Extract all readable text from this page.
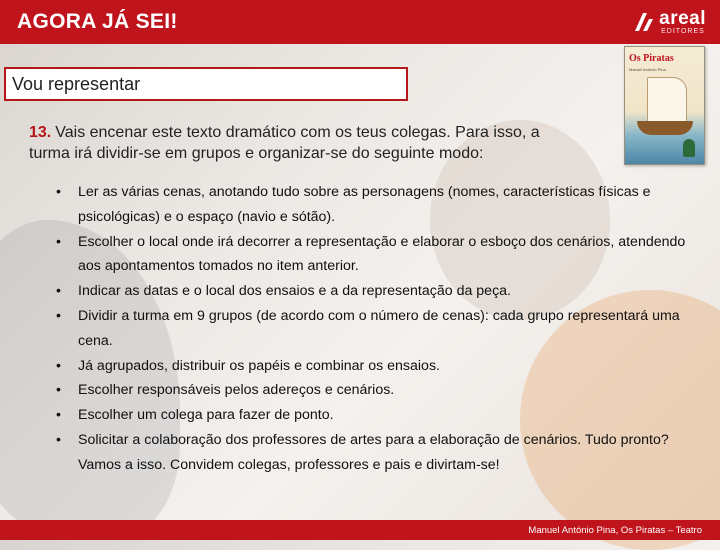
AGORA JÁ SEI!	areal
EDITORES
Vou representar
Os Piratas
Manuel António Pina
13. Vais encenar este texto dramático com os teus colegas. Para isso, a turma irá dividir-se em grupos e organizar-se do seguinte modo:
•	Ler as várias cenas, anotando tudo sobre as personagens (nomes, características físicas e psicológicas) e o espaço (navio e sótão).
•	Escolher o local onde irá decorrer a representação e elaborar o esboço dos cenários, atendendo aos apontamentos tomados no item anterior.
•	Indicar as datas e o local dos ensaios e a da representação da peça.
•	Dividir a turma em 9 grupos (de acordo com o número de cenas): cada grupo representará uma cena.
•	Já agrupados, distribuir os papéis e combinar os ensaios.
•	Escolher responsáveis pelos adereços e cenários.
•	Escolher um colega para fazer de ponto.
•	Solicitar a colaboração dos professores de artes para a elaboração de cenários. Tudo pronto? Vamos a isso. Convidem colegas, professores e pais e divirtam-se!
Manuel António Pina, Os Piratas – Teatro
